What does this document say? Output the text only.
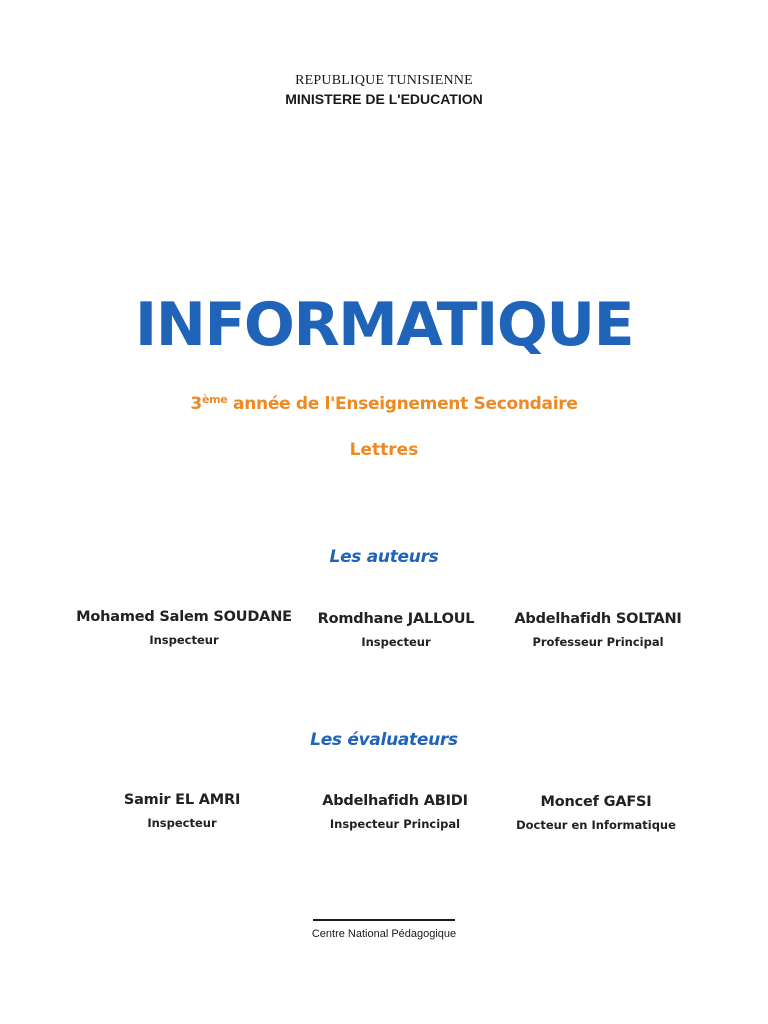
REPUBLIQUE TUNISIENNE
MINISTERE DE L'EDUCATION
INFORMATIQUE
3ème année de l'Enseignement Secondaire
Lettres
Les auteurs
Mohamed Salem SOUDANE
Inspecteur
Romdhane JALLOUL
Inspecteur
Abdelhafidh SOLTANI
Professeur Principal
Les évaluateurs
Samir EL AMRI
Inspecteur
Abdelhafidh ABIDI
Inspecteur Principal
Moncef GAFSI
Docteur en Informatique
Centre National Pédagogique
